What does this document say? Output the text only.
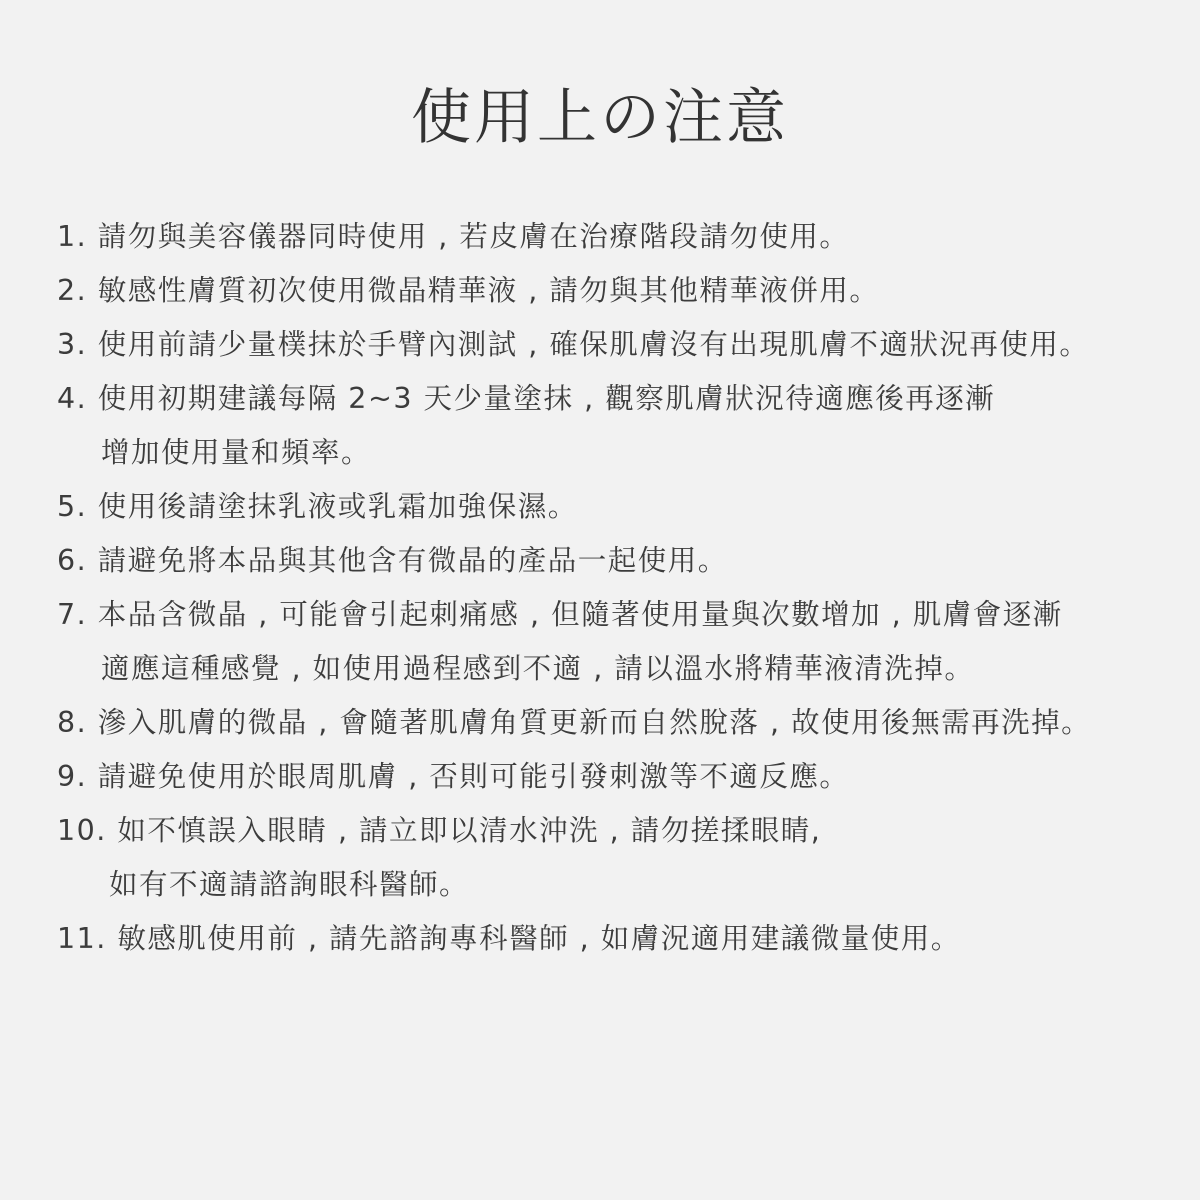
使用上の注意
1. 請勿與美容儀器同時使用 , 若皮膚在治療階段請勿使用。
2. 敏感性膚質初次使用微晶精華液 , 請勿與其他精華液併用。
3. 使用前請少量樸抹於手臂內測試 , 確保肌膚沒有出現肌膚不適狀況再使用。
4. 使用初期建議每隔 2~3 天少量塗抹 , 觀察肌膚狀況待適應後再逐漸
增加使用量和頻率。
5. 使用後請塗抹乳液或乳霜加強保濕。
6. 請避免將本品與其他含有微晶的產品一起使用。
7. 本品含微晶 , 可能會引起刺痛感 , 但隨著使用量與次數增加 , 肌膚會逐漸
適應這種感覺 , 如使用過程感到不適 , 請以溫水將精華液清洗掉。
8. 滲入肌膚的微晶 , 會隨著肌膚角質更新而自然脫落 , 故使用後無需再洗掉。
9. 請避免使用於眼周肌膚 , 否則可能引發刺激等不適反應。
10. 如不慎誤入眼睛 , 請立即以清水沖洗 , 請勿搓揉眼睛,
如有不適請諮詢眼科醫師。
11. 敏感肌使用前 , 請先諮詢專科醫師 , 如膚況適用建議微量使用。
